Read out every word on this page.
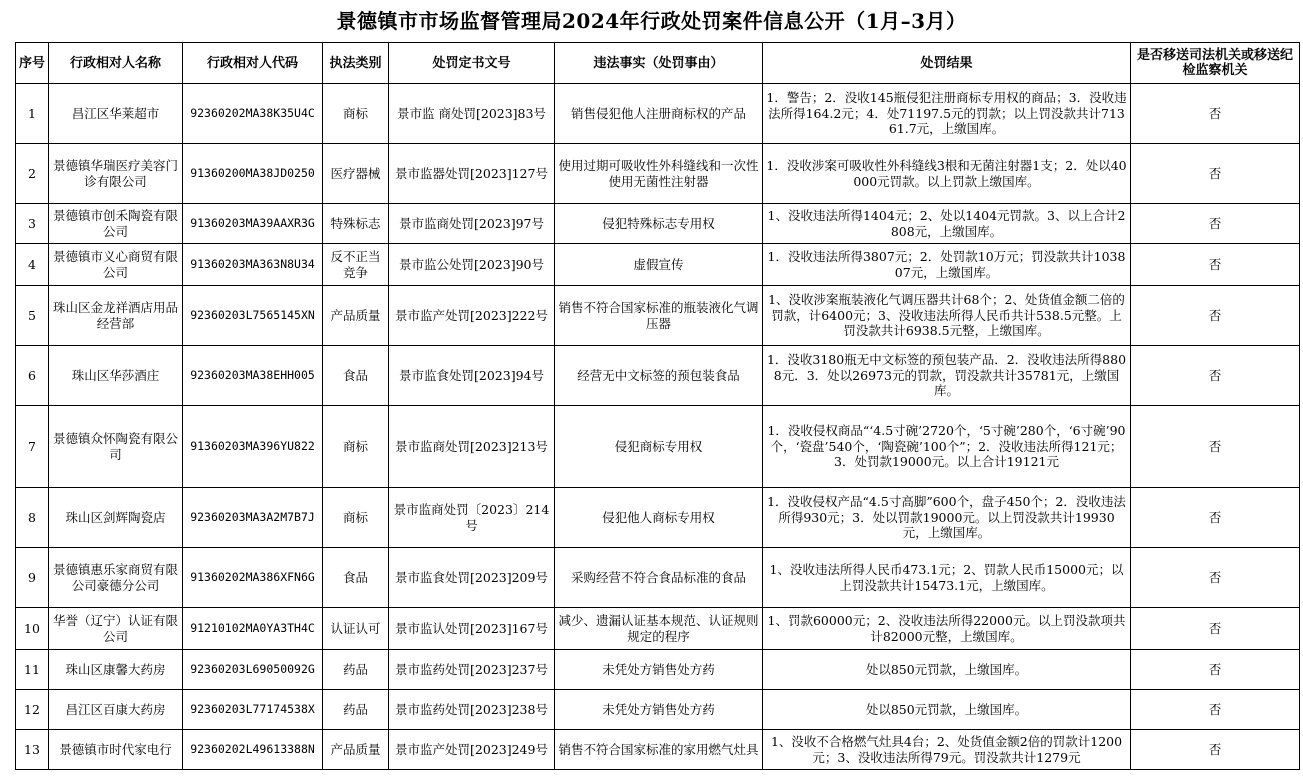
景德镇市市场监督管理局2024年行政处罚案件信息公开（1月–3月）
序号	行政相对人名称	行政相对人代码	执法类别	处罚定书文号	违法事实（处罚事由）	处罚结果	是否移送司法机关或移送纪检监察机关
1	昌江区华莱超市	92360202MA38K35U4C	商标	景市监 商处罚[2023]83号	销售侵犯他人注册商标权的产品	1．警告；2．没收145瓶侵犯注册商标专用权的商品；3．没收违法所得164.2元；4．处71197.5元的罚款；以上罚没款共计71361.7元，上缴国库。	否
2	景德镇华瑞医疗美容门诊有限公司	91360200MA38JD0250	医疗器械	景市监器处罚[2023]127号	使用过期可吸收性外科缝线和一次性使用无菌性注射器	1．没收涉案可吸收性外科缝线3根和无菌注射器1支；2．处以40000元罚款。以上罚款上缴国库。	否
3	景德镇市创禾陶瓷有限公司	91360203MA39AAXR3G	特殊标志	景市监商处罚[2023]97号	侵犯特殊标志专用权	1、没收违法所得1404元；2、处以1404元罚款。3、以上合计2808元，上缴国库。	否
4	景德镇市义心商贸有限公司	91360203MA363N8U34	反不正当竞争	景市监公处罚[2023]90号	虚假宣传	1．没收违法所得3807元；2．处罚款10万元；罚没款共计103807元，上缴国库。	否
5	珠山区金龙祥酒店用品经营部	92360203L7565145XN	产品质量	景市监产处罚[2023]222号	销售不符合国家标准的瓶装液化气调压器	1、没收涉案瓶装液化气调压器共计68个；2、处货值金额二倍的罚款，计6400元；3、没收违法所得人民币共计538.5元整。上罚没款共计6938.5元整，上缴国库。	否
6	珠山区华莎酒庄	92360203MA38EHH005	食品	景市监食处罚[2023]94号	经营无中文标签的预包装食品	1．没收3180瓶无中文标签的预包装产品．2．没收违法所得8808元．3．处以26973元的罚款，罚没款共计35781元，上缴国库。	否
7	景德镇众怀陶瓷有限公司	91360203MA396YU822	商标	景市监商处罚[2023]213号	侵犯商标专用权	1．没收侵权商品“‘4.5寸碗’2720个，‘5寸碗’280个，‘6寸碗’90个，‘瓷盘’540个，‘陶瓷碗’100个”；2．没收违法所得121元；3．处罚款19000元。以上合计19121元	否
8	珠山区剑辉陶瓷店	92360203MA3A2M7B7J	商标	景市监商处罚〔2023〕214号	侵犯他人商标专用权	1．没收侵权产品“4.5寸高脚”600个，盘子450个；2．没收违法所得930元；3．处以罚款19000元。以上罚没款共计19930元，上缴国库。	否
9	景德镇惠乐家商贸有限公司豪德分公司	91360202MA386XFN6G	食品	景市监食处罚[2023]209号	采购经营不符合食品标准的食品	1、没收违法所得人民币473.1元；2、罚款人民币15000元；以上罚没款共计15473.1元，上缴国库。	否
10	华誉（辽宁）认证有限公司	91210102MA0YA3TH4C	认证认可	景市监认处罚[2023]167号	减少、遗漏认证基本规范、认证规则规定的程序	1、罚款60000元；2、没收违法所得22000元。以上罚没款项共计82000元整，上缴国库。	否
11	珠山区康馨大药房	92360203L69050092G	药品	景市监药处罚[2023]237号	未凭处方销售处方药	处以850元罚款，上缴国库。	否
12	昌江区百康大药房	92360203L77174538X	药品	景市监药处罚[2023]238号	未凭处方销售处方药	处以850元罚款，上缴国库。	否
13	景德镇市时代家电行	92360202L49613388N	产品质量	景市监产处罚[2023]249号	销售不符合国家标准的家用燃气灶具	1、没收不合格燃气灶具4台；2、处货值金额2倍的罚款计1200元；3、没收违法所得79元。罚没款共计1279元	否
